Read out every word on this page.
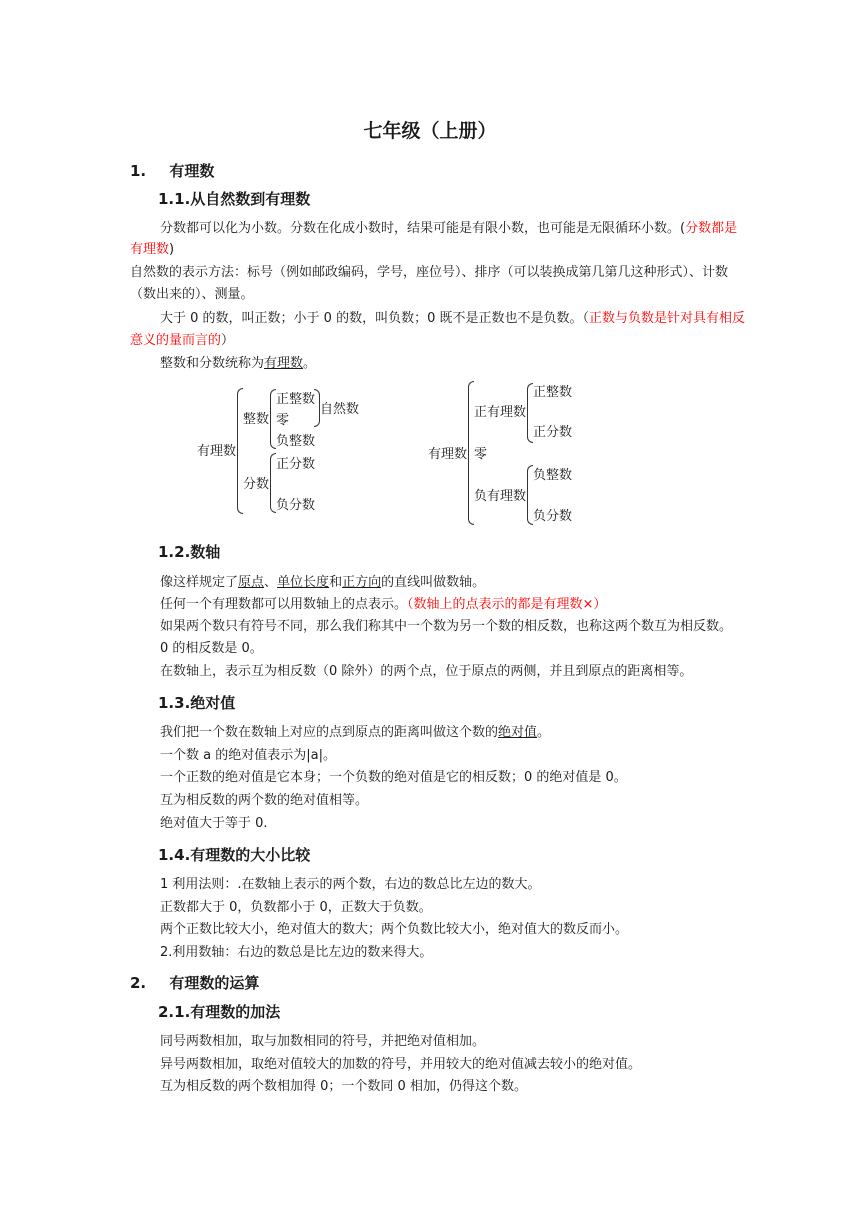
七年级（上册）
1. 有理数
1.1.从自然数到有理数
分数都可以化为小数。分数在化成小数时，结果可能是有限小数，也可能是无限循环小数。(分数都是
有理数)
自然数的表示方法：标号（例如邮政编码，学号，座位号）、排序（可以装换成第几第几这种形式）、计数
（数出来的）、测量。
大于 0 的数，叫正数；小于 0 的数，叫负数；0 既不是正数也不是负数。（正数与负数是针对具有相反
意义的量而言的）
整数和分数统称为有理数。
有理数
整数
正整数
零
负整数
自然数
分数
正分数
负分数
有理数
正有理数
正整数
正分数
零
负有理数
负整数
负分数
1.2.数轴
像这样规定了原点、单位长度和正方向的直线叫做数轴。
任何一个有理数都可以用数轴上的点表示。（数轴上的点表示的都是有理数×）
如果两个数只有符号不同，那么我们称其中一个数为另一个数的相反数，也称这两个数互为相反数。
0 的相反数是 0。
在数轴上，表示互为相反数（0 除外）的两个点，位于原点的两侧，并且到原点的距离相等。
1.3.绝对值
我们把一个数在数轴上对应的点到原点的距离叫做这个数的绝对值。
一个数 a 的绝对值表示为|a|。
一个正数的绝对值是它本身；一个负数的绝对值是它的相反数；0 的绝对值是 0。
互为相反数的两个数的绝对值相等。
绝对值大于等于 0.
1.4.有理数的大小比较
1 利用法则：.在数轴上表示的两个数，右边的数总比左边的数大。
正数都大于 0，负数都小于 0，正数大于负数。
两个正数比较大小，绝对值大的数大；两个负数比较大小，绝对值大的数反而小。
2.利用数轴：右边的数总是比左边的数来得大。
2. 有理数的运算
2.1.有理数的加法
同号两数相加，取与加数相同的符号，并把绝对值相加。
异号两数相加，取绝对值较大的加数的符号，并用较大的绝对值减去较小的绝对值。
互为相反数的两个数相加得 0；一个数同 0 相加，仍得这个数。
